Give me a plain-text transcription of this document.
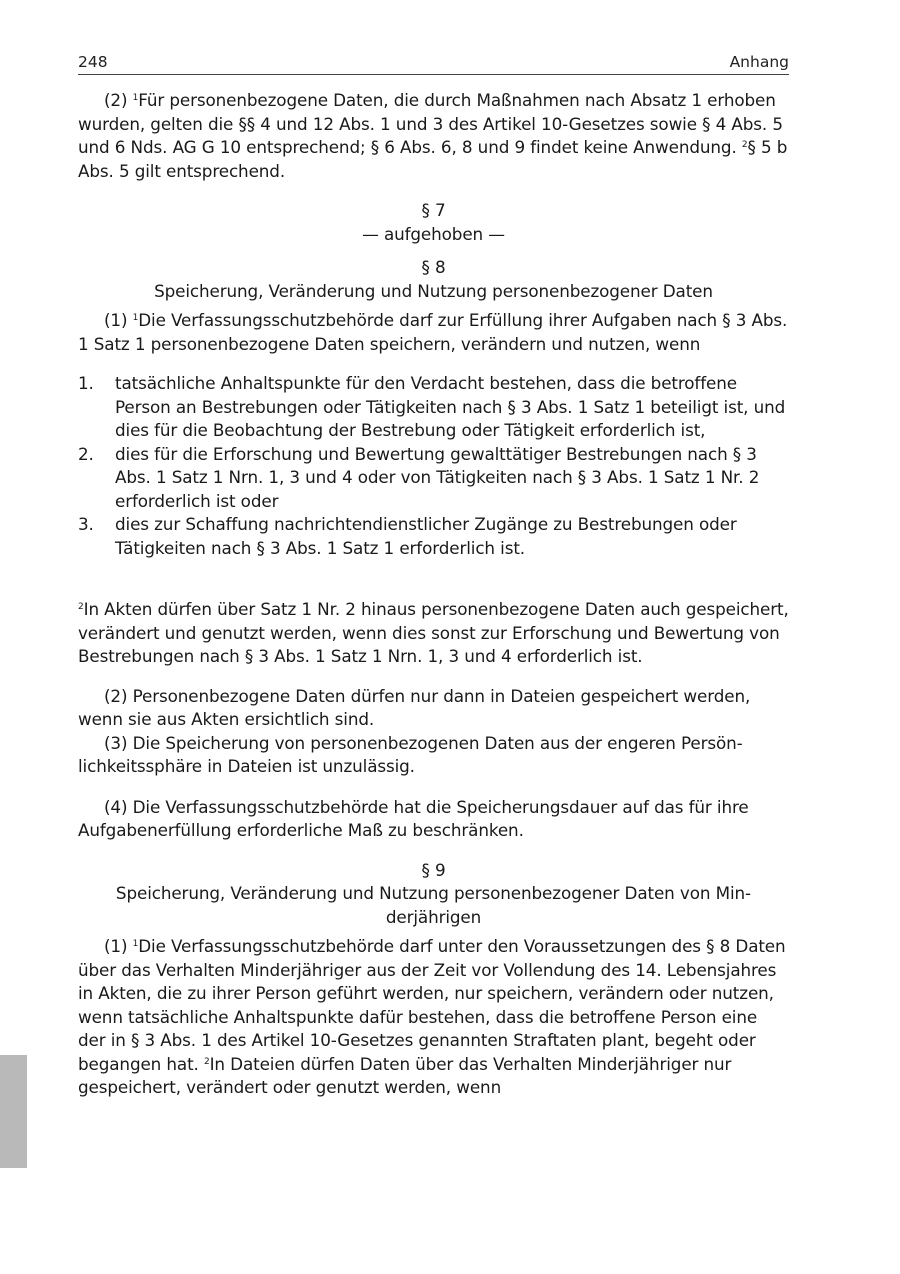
248	Anhang

(2) $^1$Für personenbezogene Daten, die durch Maßnahmen nach Absatz 1 erhoben wurden, gelten die §§ 4 und 12 Abs. 1 und 3 des Artikel 10-Gesetzes sowie § 4 Abs. 5 und 6 Nds. AG G 10 entsprechend; § 6 Abs. 6, 8 und 9 findet keine Anwendung. $^2$§ 5 b Abs. 5 gilt entsprechend.

§ 7

— aufgehoben —

§ 8

Speicherung, Veränderung und Nutzung personenbezogener Daten

(1) $^1$Die Verfassungsschutzbehörde darf zur Erfüllung ihrer Aufgaben nach § 3 Abs. 1 Satz 1 personenbezogene Daten speichern, verändern und nutzen, wenn

1.	tatsächliche Anhaltspunkte für den Verdacht bestehen, dass die betroffene Person an Bestrebungen oder Tätigkeiten nach § 3 Abs. 1 Satz 1 beteiligt ist, und dies für die Beobachtung der Bestrebung oder Tätigkeit erforderlich ist,
2.	dies für die Erforschung und Bewertung gewalttätiger Bestrebungen nach § 3 Abs. 1 Satz 1 Nrn. 1, 3 und 4 oder von Tätigkeiten nach § 3 Abs. 1 Satz 1 Nr. 2 erforderlich ist oder
3.	dies zur Schaffung nachrichtendienstlicher Zugänge zu Bestrebungen oder Tätigkeiten nach § 3 Abs. 1 Satz 1 erforderlich ist.

$^2$In Akten dürfen über Satz 1 Nr. 2 hinaus personenbezogene Daten auch gespeichert, verändert und genutzt werden, wenn dies sonst zur Erforschung und Bewertung von Bestrebungen nach § 3 Abs. 1 Satz 1 Nrn. 1, 3 und 4 erforderlich ist.

(2) Personenbezogene Daten dürfen nur dann in Dateien gespeichert werden, wenn sie aus Akten ersichtlich sind.

(3) Die Speicherung von personenbezogenen Daten aus der engeren Persönlichkeitssphäre in Dateien ist unzulässig.

(4) Die Verfassungsschutzbehörde hat die Speicherungsdauer auf das für ihre Aufgabenerfüllung erforderliche Maß zu beschränken.

§ 9

Speicherung, Veränderung und Nutzung personenbezogener Daten von Minderjährigen

(1) $^1$Die Verfassungsschutzbehörde darf unter den Voraussetzungen des § 8 Daten über das Verhalten Minderjähriger aus der Zeit vor Vollendung des 14. Lebensjahres in Akten, die zu ihrer Person geführt werden, nur speichern, verändern oder nutzen, wenn tatsächliche Anhaltspunkte dafür bestehen, dass die betroffene Person eine der in § 3 Abs. 1 des Artikel 10-Gesetzes genannten Straftaten plant, begeht oder begangen hat. $^2$In Dateien dürfen Daten über das Verhalten Minderjähriger nur gespeichert, verändert oder genutzt werden, wenn
